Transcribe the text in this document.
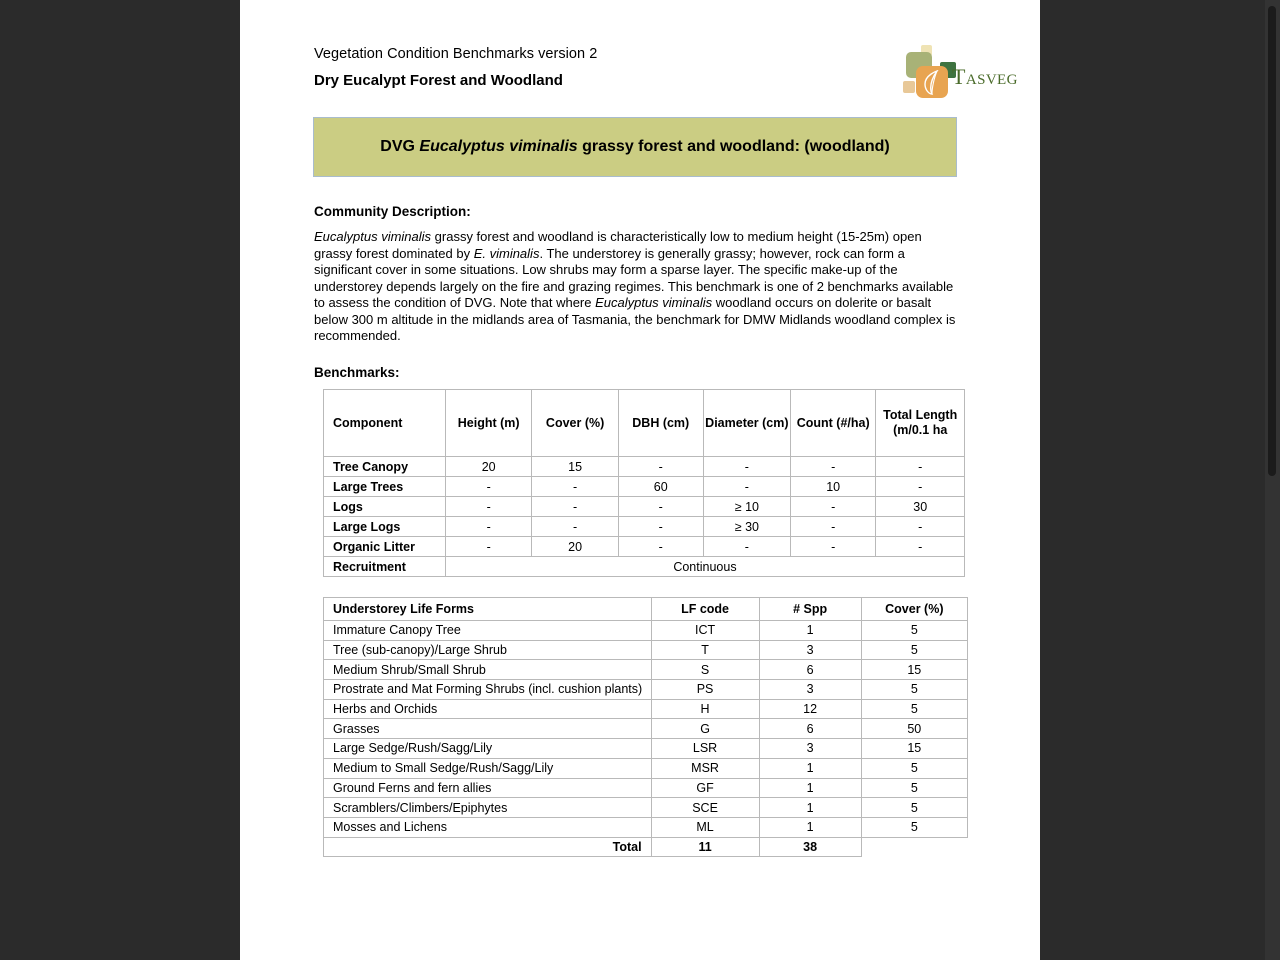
Vegetation Condition Benchmarks version 2
Dry Eucalypt Forest and Woodland	Tasveg
DVG Eucalyptus viminalis grassy forest and woodland: (woodland)
Community Description:
Eucalyptus viminalis grassy forest and woodland is characteristically low to medium height (15-25m) open grassy forest dominated by E. viminalis. The understorey is generally grassy; however, rock can form a significant cover in some situations. Low shrubs may form a sparse layer. The specific make-up of the understorey depends largely on the fire and grazing regimes. This benchmark is one of 2 benchmarks available to assess the condition of DVG. Note that where Eucalyptus viminalis woodland occurs on dolerite or basalt below 300 m altitude in the midlands area of Tasmania, the benchmark for DMW Midlands woodland complex is recommended.
Benchmarks:
Component	Height (m)	Cover (%)	DBH (cm)	Diameter (cm)	Count (#/ha)	Total Length (m/0.1 ha
Tree Canopy	20	15	-	-	-	-
Large Trees	-	-	60	-	10	-
Logs	-	-	-	≥ 10	-	30
Large Logs	-	-	-	≥ 30	-	-
Organic Litter	-	20	-	-	-	-
Recruitment	Continuous					
Understorey Life Forms	LF code	# Spp	Cover (%)
Immature Canopy Tree	ICT	1	5
Tree (sub-canopy)/Large Shrub	T	3	5
Medium Shrub/Small Shrub	S	6	15
Prostrate and Mat Forming Shrubs (incl. cushion plants)	PS	3	5
Herbs and Orchids	H	12	5
Grasses	G	6	50
Large Sedge/Rush/Sagg/Lily	LSR	3	15
Medium to Small Sedge/Rush/Sagg/Lily	MSR	1	5
Ground Ferns and fern allies	GF	1	5
Scramblers/Climbers/Epiphytes	SCE	1	5
Mosses and Lichens	ML	1	5
Total	11	38	
